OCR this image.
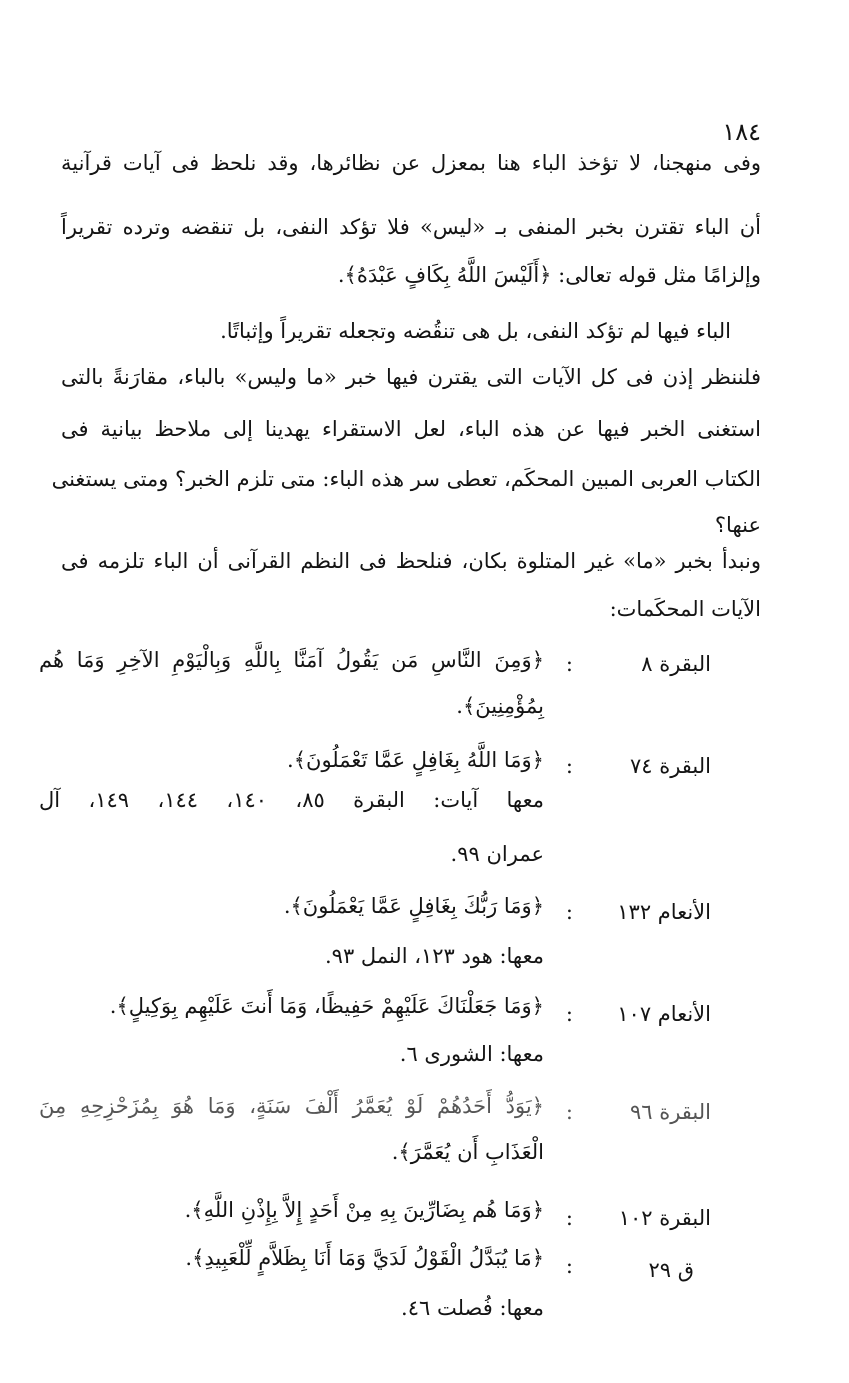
١٨٤
وفى منهجنا، لا تؤخذ الباء هنا بمعزل عن نظائرها، وقد نلحظ فى آيات قرآنية
أن الباء تقترن بخبر المنفى بـ «ليس» فلا تؤكد النفى، بل تنقضه وترده تقريراً
وإلزامًا مثل قوله تعالى: ﴿أَلَيْسَ اللَّهُ بِكَافٍ عَبْدَهُ﴾.
الباء فيها لم تؤكد النفى، بل هى تنقُضه وتجعله تقريراً وإثباتًا.
فلننظر إذن فى كل الآيات التى يقترن فيها خبر «ما وليس» بالباء، مقارَنةً بالتى
استغنى الخبر فيها عن هذه الباء، لعل الاستقراء يهدينا إلى ملاحظ بيانية فى
الكتاب العربى المبين المحكَم، تعطى سر هذه الباء: متى تلزم الخبر؟ ومتى يستغنى
عنها؟
ونبدأ بخبر «ما» غير المتلوة بكان، فنلحظ فى النظم القرآنى أن الباء تلزمه فى
الآيات المحكَمات:
البقرة ٨
:
﴿وَمِنَ النَّاسِ مَن يَقُولُ آمَنَّا بِاللَّهِ وَبِالْيَوْمِ الآخِرِ وَمَا هُم
بِمُؤْمِنِينَ﴾.
البقرة ٧٤
:
﴿وَمَا اللَّهُ بِغَافِلٍ عَمَّا تَعْمَلُونَ﴾.
معها آيات: البقرة ٨٥، ١٤٠، ١٤٤، ١٤٩، آل
عمران ٩٩.
الأنعام ١٣٢
:
﴿وَمَا رَبُّكَ بِغَافِلٍ عَمَّا يَعْمَلُونَ﴾.
معها: هود ١٢٣، النمل ٩٣.
الأنعام ١٠٧
:
﴿وَمَا جَعَلْنَاكَ عَلَيْهِمْ حَفِيظًا، وَمَا أَنتَ عَلَيْهِم بِوَكِيلٍ﴾.
معها: الشورى ٦.
البقرة ٩٦
:
﴿يَوَدُّ أَحَدُهُمْ لَوْ يُعَمَّرُ أَلْفَ سَنَةٍ، وَمَا هُوَ بِمُزَحْزِحِهِ مِنَ
الْعَذَابِ أَن يُعَمَّرَ﴾.
البقرة ١٠٢
:
﴿وَمَا هُم بِضَارِّينَ بِهِ مِنْ أَحَدٍ إِلاَّ بِإِذْنِ اللَّهِ﴾.
ق ٢٩
:
﴿مَا يُبَدَّلُ الْقَوْلُ لَدَيَّ وَمَا أَنَا بِظَلاَّمٍ لِّلْعَبِيدِ﴾.
معها: فُصلت ٤٦.
